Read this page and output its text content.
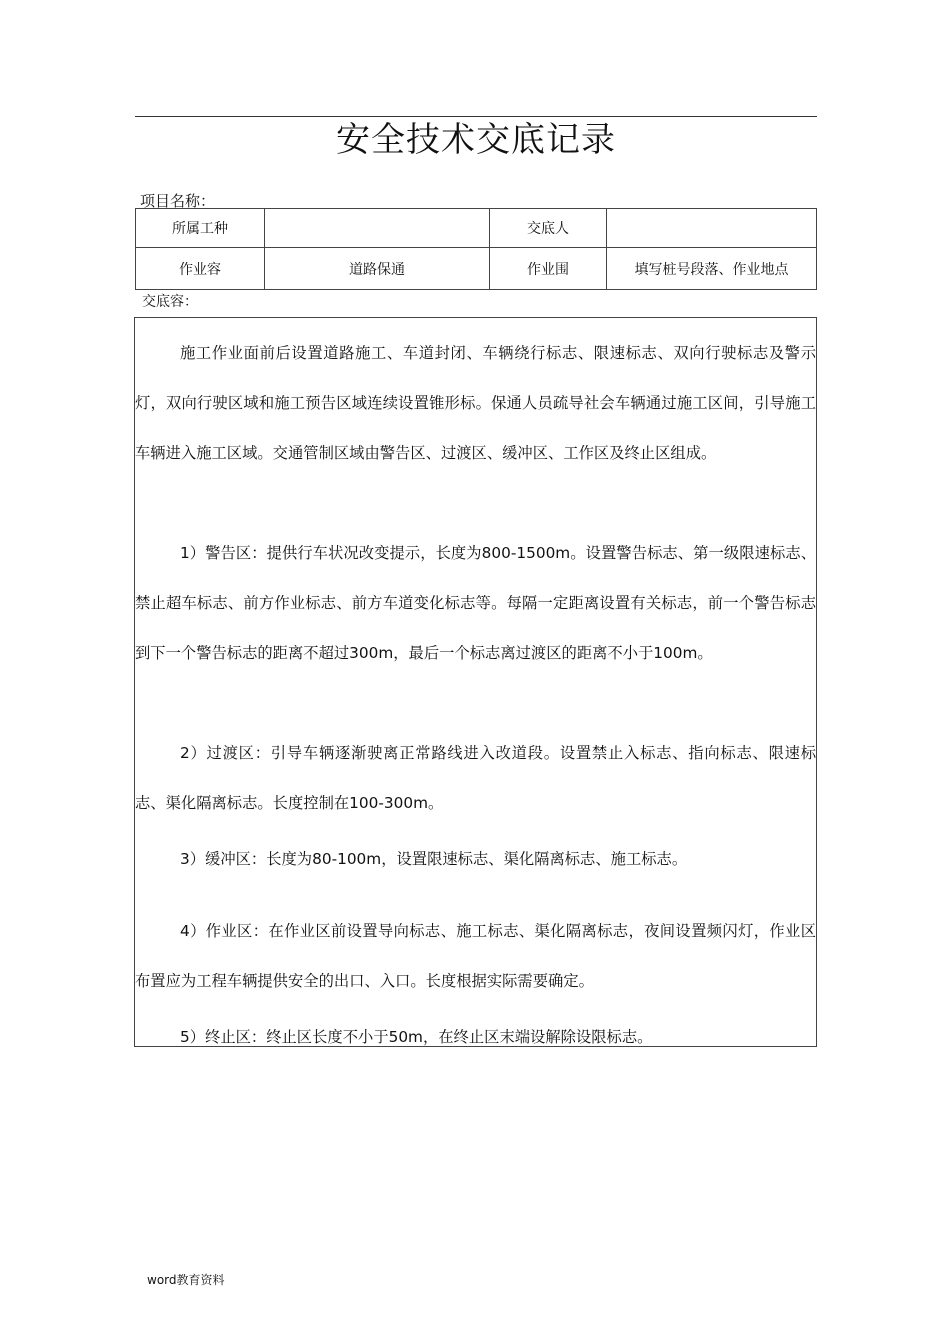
安全技术交底记录
项目名称：
所属工种		交底人	
作业容	道路保通	作业围	填写桩号段落、作业地点
交底容：

施工作业面前后设置道路施工、车道封闭、车辆绕行标志、限速标志、双向行驶标志及警示灯，双向行驶区域和施工预告区域连续设置锥形标。保通人员疏导社会车辆通过施工区间，引导施工车辆进入施工区域。交通管制区域由警告区、过渡区、缓冲区、工作区及终止区组成。

1）警告区：提供行车状况改变提示，长度为800-1500m。设置警告标志、第一级限速标志、禁止超车标志、前方作业标志、前方车道变化标志等。每隔一定距离设置有关标志，前一个警告标志到下一个警告标志的距离不超过300m，最后一个标志离过渡区的距离不小于100m。

2）过渡区：引导车辆逐渐驶离正常路线进入改道段。设置禁止入标志、指向标志、限速标志、渠化隔离标志。长度控制在100-300m。

3）缓冲区：长度为80-100m，设置限速标志、渠化隔离标志、施工标志。

4）作业区：在作业区前设置导向标志、施工标志、渠化隔离标志，夜间设置频闪灯，作业区布置应为工程车辆提供安全的出口、入口。长度根据实际需要确定。

5）终止区：终止区长度不小于50m，在终止区末端设解除设限标志。

word教育资料
